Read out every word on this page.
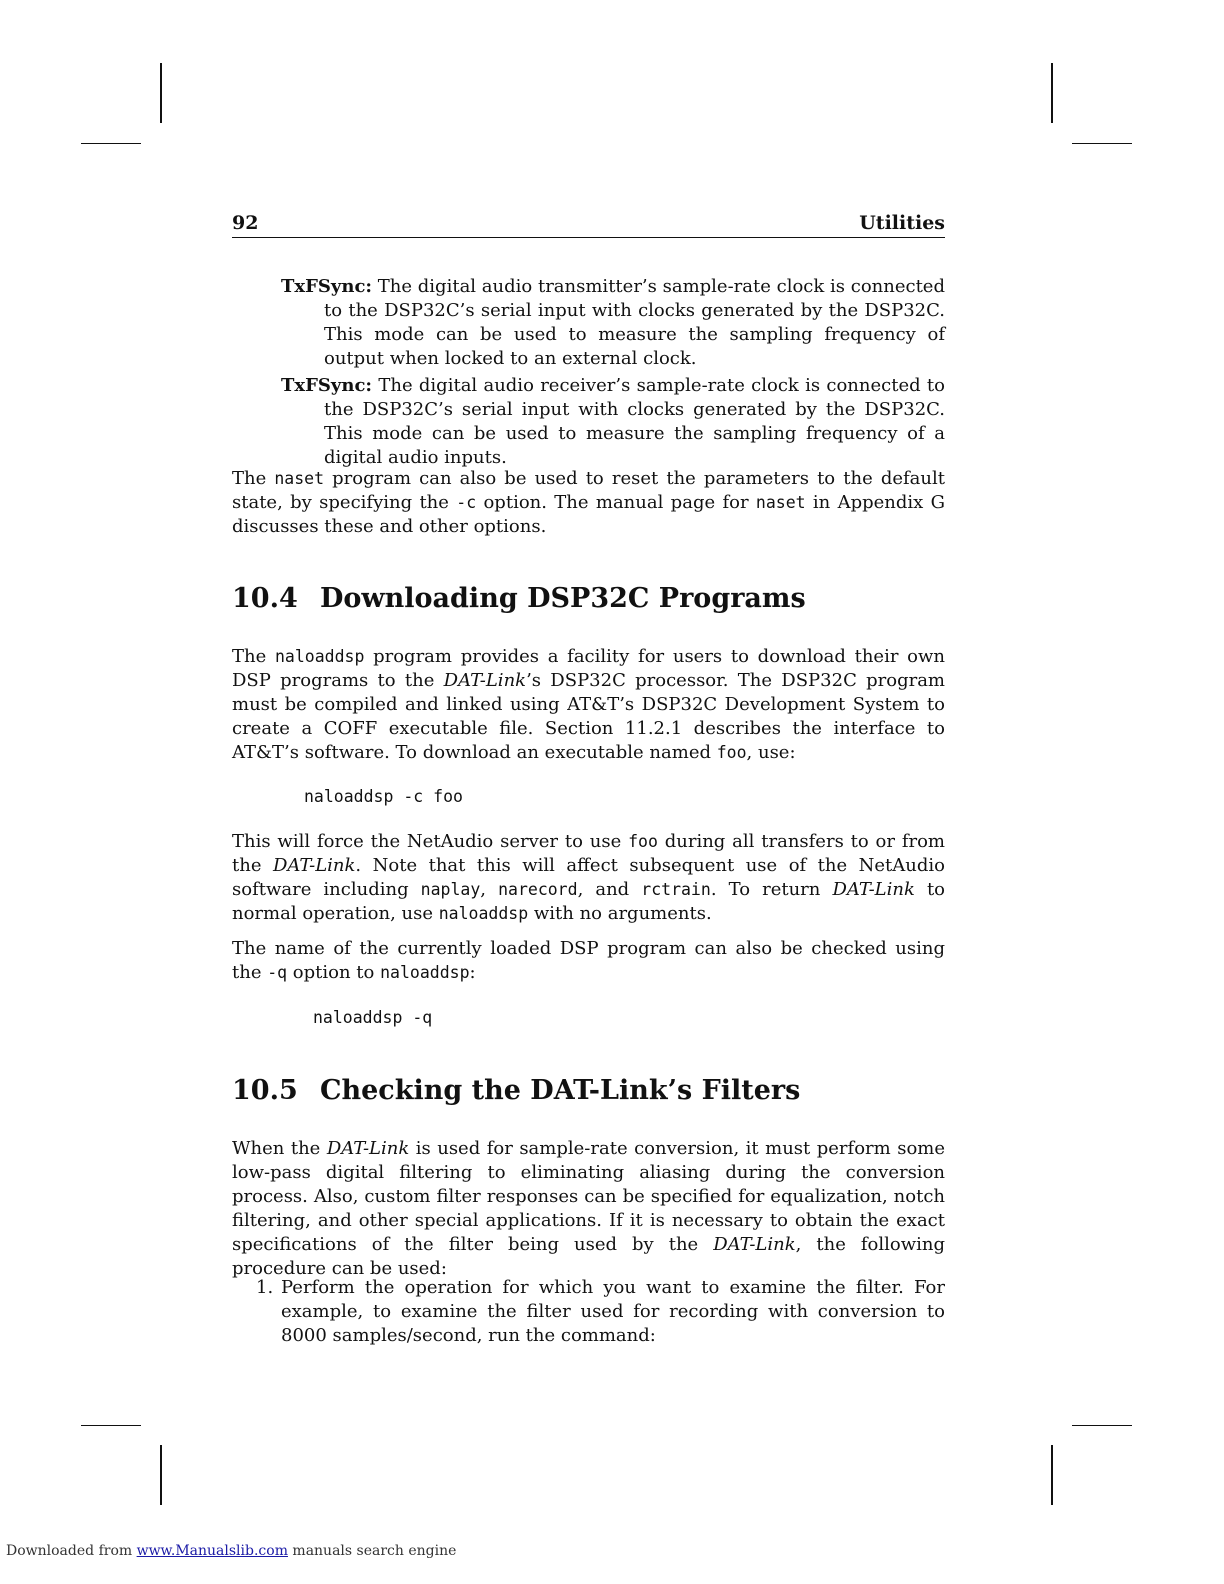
92	Utilities
TxFSync: The digital audio transmitter’s sample-rate clock is connected to the DSP32C’s serial input with clocks generated by the DSP32C. This mode can be used to measure the sampling frequency of output when locked to an external clock.
TxFSync: The digital audio receiver’s sample-rate clock is connected to the DSP32C’s serial input with clocks generated by the DSP32C. This mode can be used to measure the sampling frequency of a digital audio inputs.

The naset program can also be used to reset the parameters to the default state, by specifying the -c option. The manual page for naset in Appendix G discusses these and other options.

10.4 Downloading DSP32C Programs

The naloaddsp program provides a facility for users to download their own DSP programs to the DAT-Link’s DSP32C processor. The DSP32C program must be compiled and linked using AT&T’s DSP32C Development System to create a COFF executable file. Section 11.2.1 describes the interface to AT&T’s software. To download an executable named foo, use:

naloaddsp -c foo

This will force the NetAudio server to use foo during all transfers to or from the DAT-Link. Note that this will affect subsequent use of the NetAudio software including naplay, narecord, and rctrain. To return DAT-Link to normal operation, use naloaddsp with no arguments.

The name of the currently loaded DSP program can also be checked using the -q option to naloaddsp:

naloaddsp -q
10.5 Checking the DAT-Link’s Filters

When the DAT-Link is used for sample-rate conversion, it must perform some low-pass digital filtering to eliminating aliasing during the conversion process. Also, custom filter responses can be specified for equalization, notch filtering, and other special applications. If it is necessary to obtain the exact specifications of the filter being used by the DAT-Link, the following procedure can be used:

1. Perform the operation for which you want to examine the filter. For example, to examine the filter used for recording with conversion to 8000 samples/second, run the command:
Downloaded from www.Manualslib.com manuals search engine
